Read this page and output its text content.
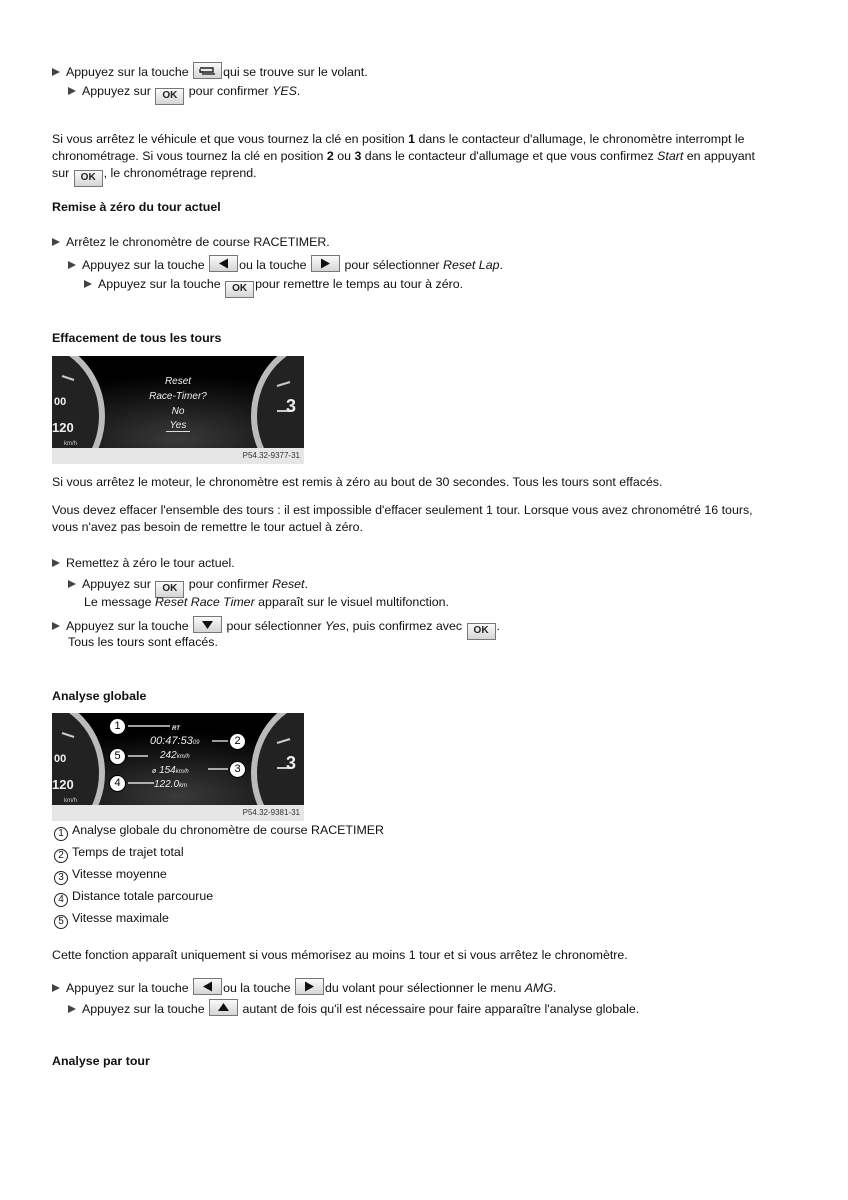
Appuyez sur la touche	qui se trouve sur le volant.
Appuyez sur OK pour confirmer YES.
Si vous arrêtez le véhicule et que vous tournez la clé en position 1 dans le contacteur d'allumage, le chronomètre interrompt le
chronométrage. Si vous tournez la clé en position 2 ou 3 dans le contacteur d'allumage et que vous confirmez Start en appuyant
sur OK , le chronométrage reprend.
Remise à zéro du tour actuel
Arrêtez le chronomètre de course RACETIMER.
Appuyez sur la touche	ou la touche	pour sélectionner Reset Lap.
Appuyez sur la touche OK pour remettre le temps au tour à zéro.
Effacement de tous les tours
00
120
km/h
3
Reset
Race-Timer?
No
Yes
P54.32-9377-31
Si vous arrêtez le moteur, le chronomètre est remis à zéro au bout de 30 secondes. Tous les tours sont effacés.
Vous devez effacer l'ensemble des tours : il est impossible d'effacer seulement 1 tour. Lorsque vous avez chronométré 16 tours,
vous n'avez pas besoin de remettre le tour actuel à zéro.
Remettez à zéro le tour actuel.
Appuyez sur OK pour confirmer Reset.
Le message Reset Race Timer apparaît sur le visuel multifonction.
Appuyez sur la touche	pour sélectionner Yes, puis confirmez avec OK .
Tous les tours sont effacés.
Analyse globale
00
120
km/h
3
RT
00:47:5309
242km/h
ø 154km/h
122.0km
1
2
5
3
4
P54.32-9381-31
1 Analyse globale du chronomètre de course RACETIMER
2 Temps de trajet total
3 Vitesse moyenne
4 Distance totale parcourue
5 Vitesse maximale
Cette fonction apparaît uniquement si vous mémorisez au moins 1 tour et si vous arrêtez le chronomètre.
Appuyez sur la touche	ou la touche	du volant pour sélectionner le menu AMG.
Appuyez sur la touche	autant de fois qu'il est nécessaire pour faire apparaître l'analyse globale.
Analyse par tour
